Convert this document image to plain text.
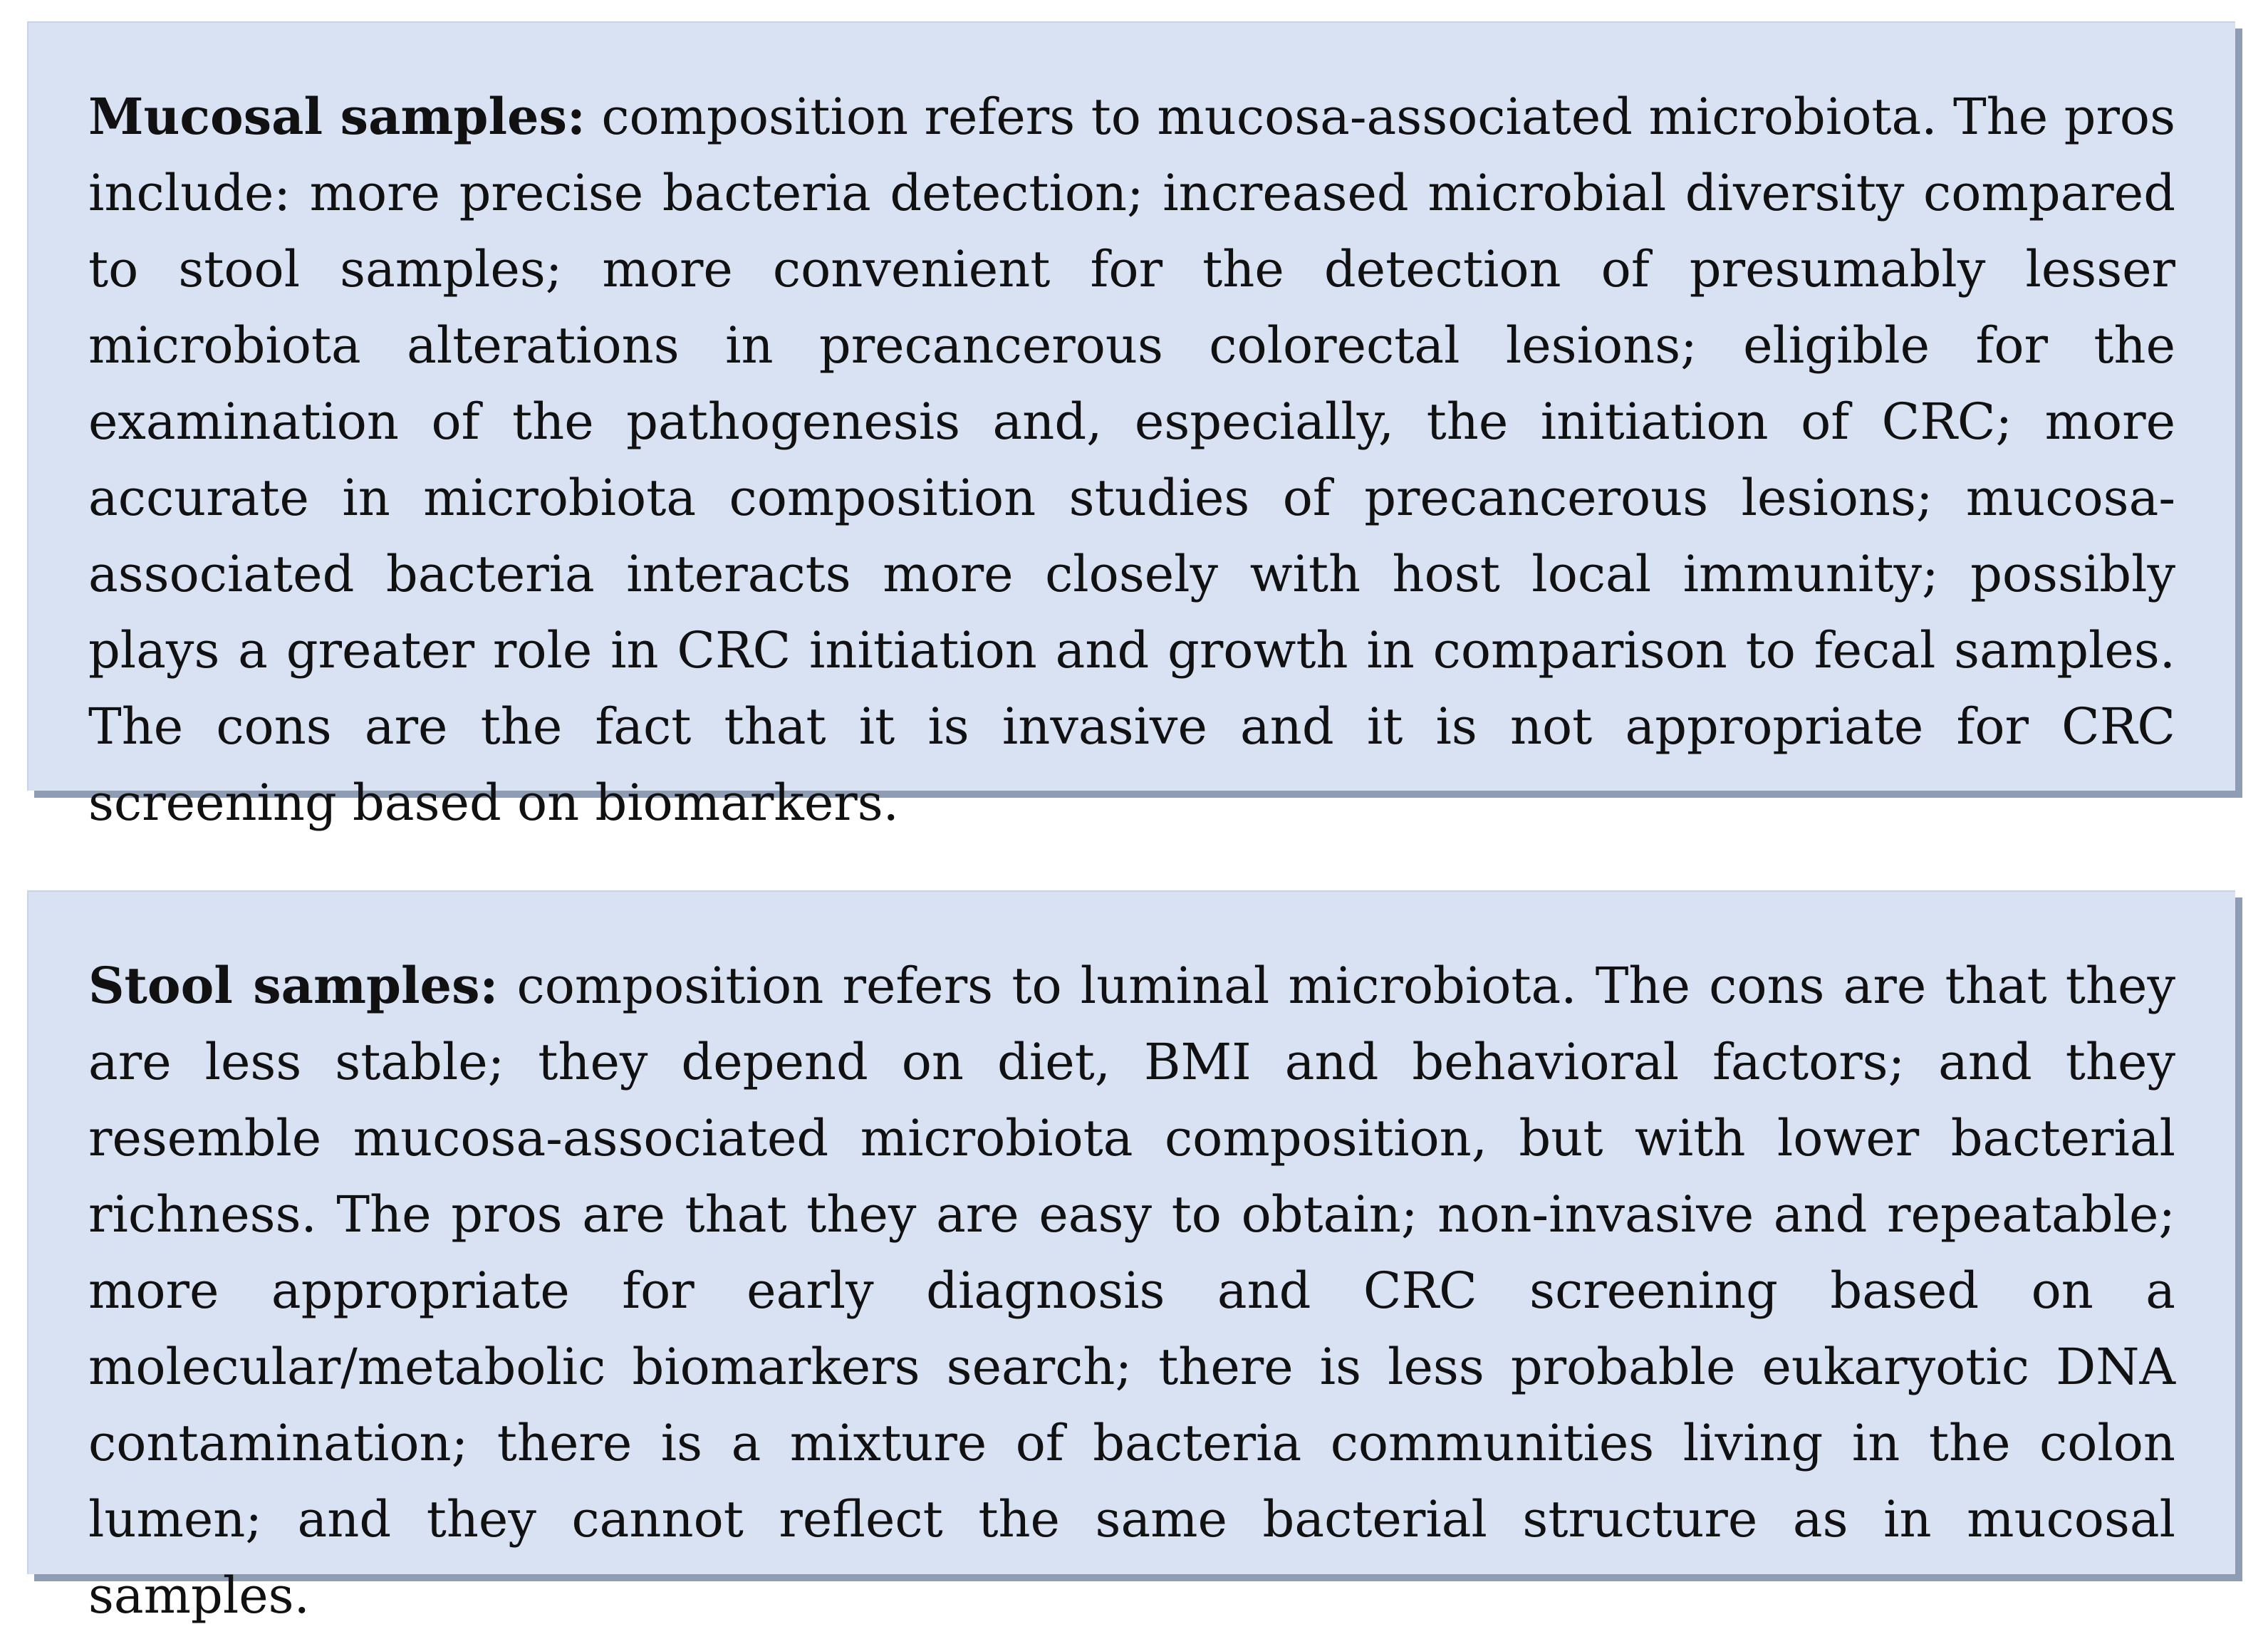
Mucosal samples: composition refers to mucosa-associated microbiota. The pros include: more precise bacteria detection; increased microbial diversity compared to stool samples; more convenient for the detection of presumably lesser microbiota alterations in precancerous colorectal lesions; eligible for the examination of the pathogenesis and, especially, the initiation of CRC; more accurate in microbiota composition studies of precancerous lesions; mucosa-associated bacteria interacts more closely with host local immunity; possibly plays a greater role in CRC initiation and growth in comparison to fecal samples. The cons are the fact that it is invasive and it is not appropriate for CRC screening based on biomarkers.

Stool samples: composition refers to luminal microbiota. The cons are that they are less stable; they depend on diet, BMI and behavioral factors; and they resemble mucosa-associated microbiota composition, but with lower bacterial richness. The pros are that they are easy to obtain; non-invasive and repeatable; more appropriate for early diagnosis and CRC screening based on a molecular/metabolic biomarkers search; there is less probable eukaryotic DNA contamination; there is a mixture of bacteria communities living in the colon lumen; and they cannot reflect the same bacterial structure as in mucosal samples.
